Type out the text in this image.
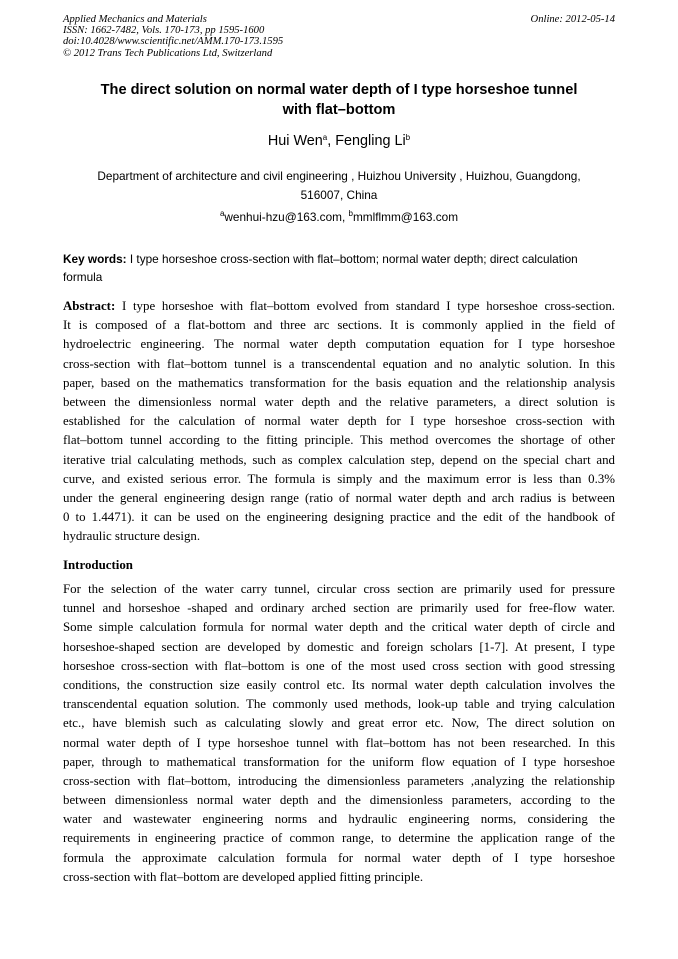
Applied Mechanics and Materials
ISSN: 1662-7482, Vols. 170-173, pp 1595-1600
doi:10.4028/www.scientific.net/AMM.170-173.1595
© 2012 Trans Tech Publications Ltd, Switzerland
Online: 2012-05-14
The direct solution on normal water depth of I type horseshoe tunnel
with flat–bottom
Hui Wen$^a$, Fengling Li$^b$
Department of architecture and civil engineering , Huizhou University , Huizhou, Guangdong,
516007, China
$^a$wenhui-hzu@163.com, $^b$mmlflmm@163.com
Key words: I type horseshoe cross-section with flat–bottom; normal water depth; direct calculation formula
Abstract: I type horseshoe with flat–bottom evolved from standard I type horseshoe cross-section.
It is composed of a flat-bottom and three arc sections. It is commonly applied in the field of
hydroelectric engineering. The normal water depth computation equation for I type horseshoe
cross-section with flat–bottom tunnel is a transcendental equation and no analytic solution. In this
paper, based on the mathematics transformation for the basis equation and the relationship analysis
between the dimensionless normal water depth and the relative parameters, a direct solution is
established for the calculation of normal water depth for I type horseshoe cross-section with
flat–bottom tunnel according to the fitting principle. This method overcomes the shortage of other
iterative trial calculating methods, such as complex calculation step, depend on the special chart and
curve, and existed serious error. The formula is simply and the maximum error is less than 0.3%
under the general engineering design range (ratio of normal water depth and arch radius is between
0 to 1.4471). it can be used on the engineering designing practice and the edit of the handbook of
hydraulic structure design.
Introduction
For the selection of the water carry tunnel, circular cross section are primarily used for pressure
tunnel and horseshoe -shaped and ordinary arched section are primarily used for free-flow water.
Some simple calculation formula for normal water depth and the critical water depth of circle and
horseshoe-shaped section are developed by domestic and foreign scholars [1-7]. At present, I type
horseshoe cross-section with flat–bottom is one of the most used cross section with good stressing
conditions, the construction size easily control etc. Its normal water depth calculation involves the
transcendental equation solution. The commonly used methods, look-up table and trying calculation
etc., have blemish such as calculating slowly and great error etc. Now, The direct solution on
normal water depth of I type horseshoe tunnel with flat–bottom has not been researched. In this
paper, through to mathematical transformation for the uniform flow equation of I type horseshoe
cross-section with flat–bottom, introducing the dimensionless parameters ,analyzing the relationship
between dimensionless normal water depth and the dimensionless parameters, according to the
water and wastewater engineering norms and hydraulic engineering norms, considering the
requirements in engineering practice of common range, to determine the application range of the
formula the approximate calculation formula for normal water depth of I type horseshoe
cross-section with flat–bottom are developed applied fitting principle.
